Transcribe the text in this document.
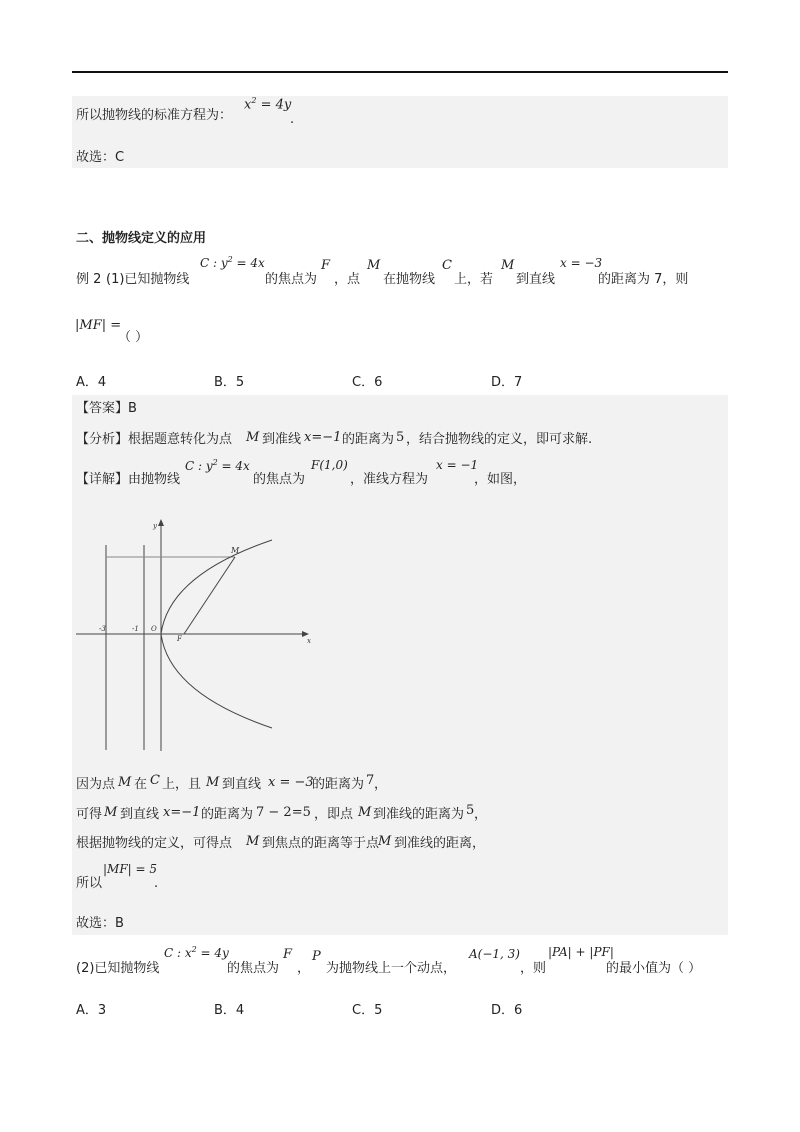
所以抛物线的标准方程为：
$x^2 = 4y$
.
故选：C
二、抛物线定义的应用
例 2 (1)已知抛物线
C : $y^2 = 4x$
的焦点为
F
，点
M
在抛物线
C
上，若
M
到直线
x = −3
的距离为 7，则
|MF| =
（ ）
A．4	B．5	C．6	D．7
【答案】B
【分析】根据题意转化为点 M 到准线 x=−1 的距离为 5 ，结合抛物线的定义，即可求解.
【详解】由抛物线
C : $y^2 = 4x$
的焦点为
F(1,0)
，准线方程为
x = −1
，如图，
y
x
M
O
F
-3	-1
因为点 M 在 C 上，且 M 到直线 x = −3
的距离为 7 ，
可得 M 到直线 x=−1 的距离为 7 − 2=5 ，即点 M 到准线的距离为 5 ，
根据抛物线的定义，可得点 M 到焦点的距离等于点
M 到准线的距离，
所以
|MF| = 5
.
故选：B
(2)已知抛物线
C : $x^2 = 4y$
的焦点为
F
，
P
为抛物线上一个动点，
A(−1, 3)
，则
|PA| + |PF|
的最小值为（ ）
A．3	B．4	C．5	D．6
